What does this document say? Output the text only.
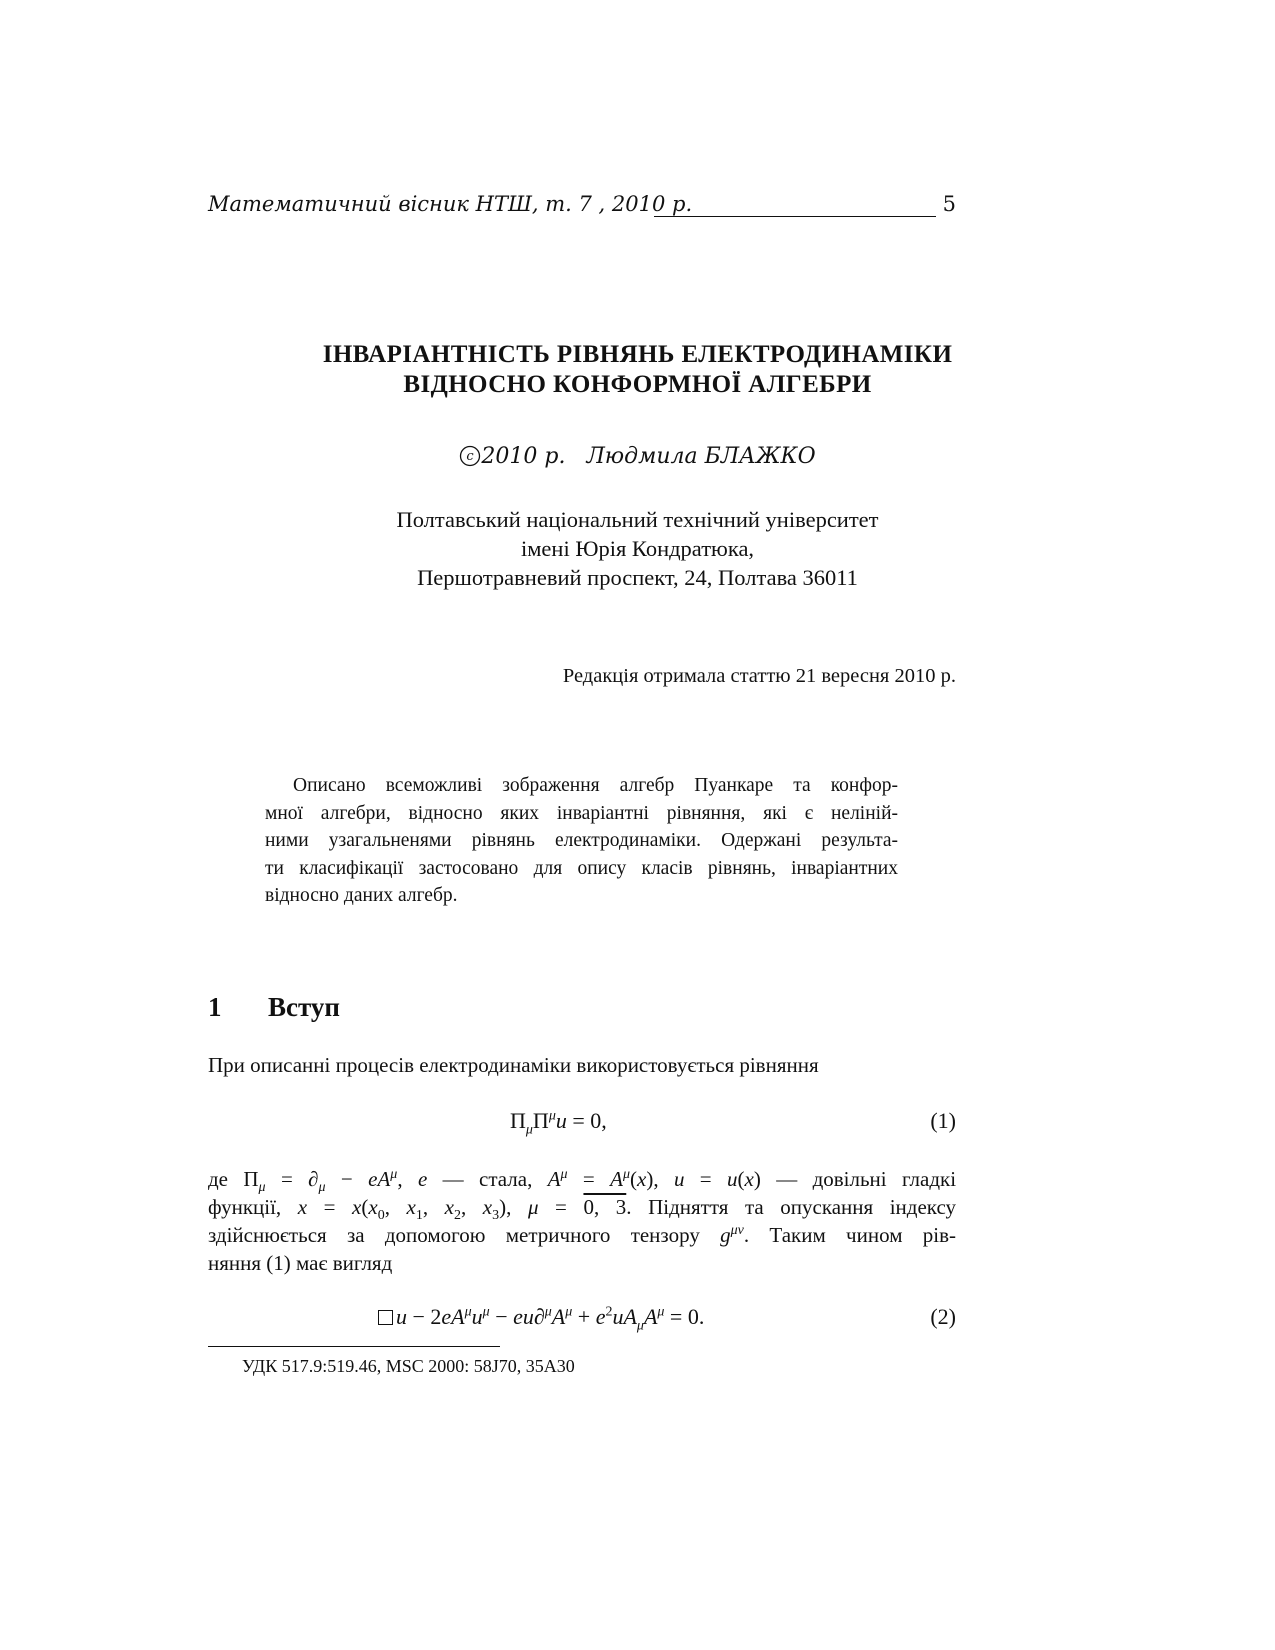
Математичний вісник НТШ, т. 7 , 2010 р.	5
ІНВАРІАНТНІСТЬ РІВНЯНЬ ЕЛЕКТРОДИНАМІКИ
ВІДНОСНО КОНФОРМНОЇ АЛГЕБРИ
c 2010 р. Людмила БЛАЖКО
Полтавський національний технічний університет
імені Юрія Кондратюка,
Першотравневий проспект, 24, Полтава 36011
Редакція отримала статтю 21 вересня 2010 р.
Описано всеможливі зображення алгебр Пуанкаре та конфор-
мної алгебри, відносно яких інваріантні рівняння, які є неліній-
ними узагальненями рівнянь електродинаміки. Одержані результа-
ти класифікації застосовано для опису класів рівнянь, інваріантних
відносно даних алгебр.
1 Вступ
При описанні процесів електродинаміки використовується рівняння
$\Pi_\mu\Pi^\mu u = 0$,	(1)
де $\Pi_\mu = \partial_\mu - eA^\mu$, e — стала, $A^\mu = A^\mu(x)$, u = u(x) — довільні гладкі
функції, $x = x(x_0$, $x_1$, $x_2$, $x_3$), μ = 0, 3. Підняття та опускання індексу
здійснюється за допомогою метричного тензору $g^{\mu\nu}$. Таким чином рів-
няння (1) має вигляд
$u - 2eA^\mu u^\mu - eu\partial^\mu A^\mu + e^2uA_\mu A^\mu = 0$.	(2)
УДК 517.9:519.46, MSC 2000: 58J70, 35A30
